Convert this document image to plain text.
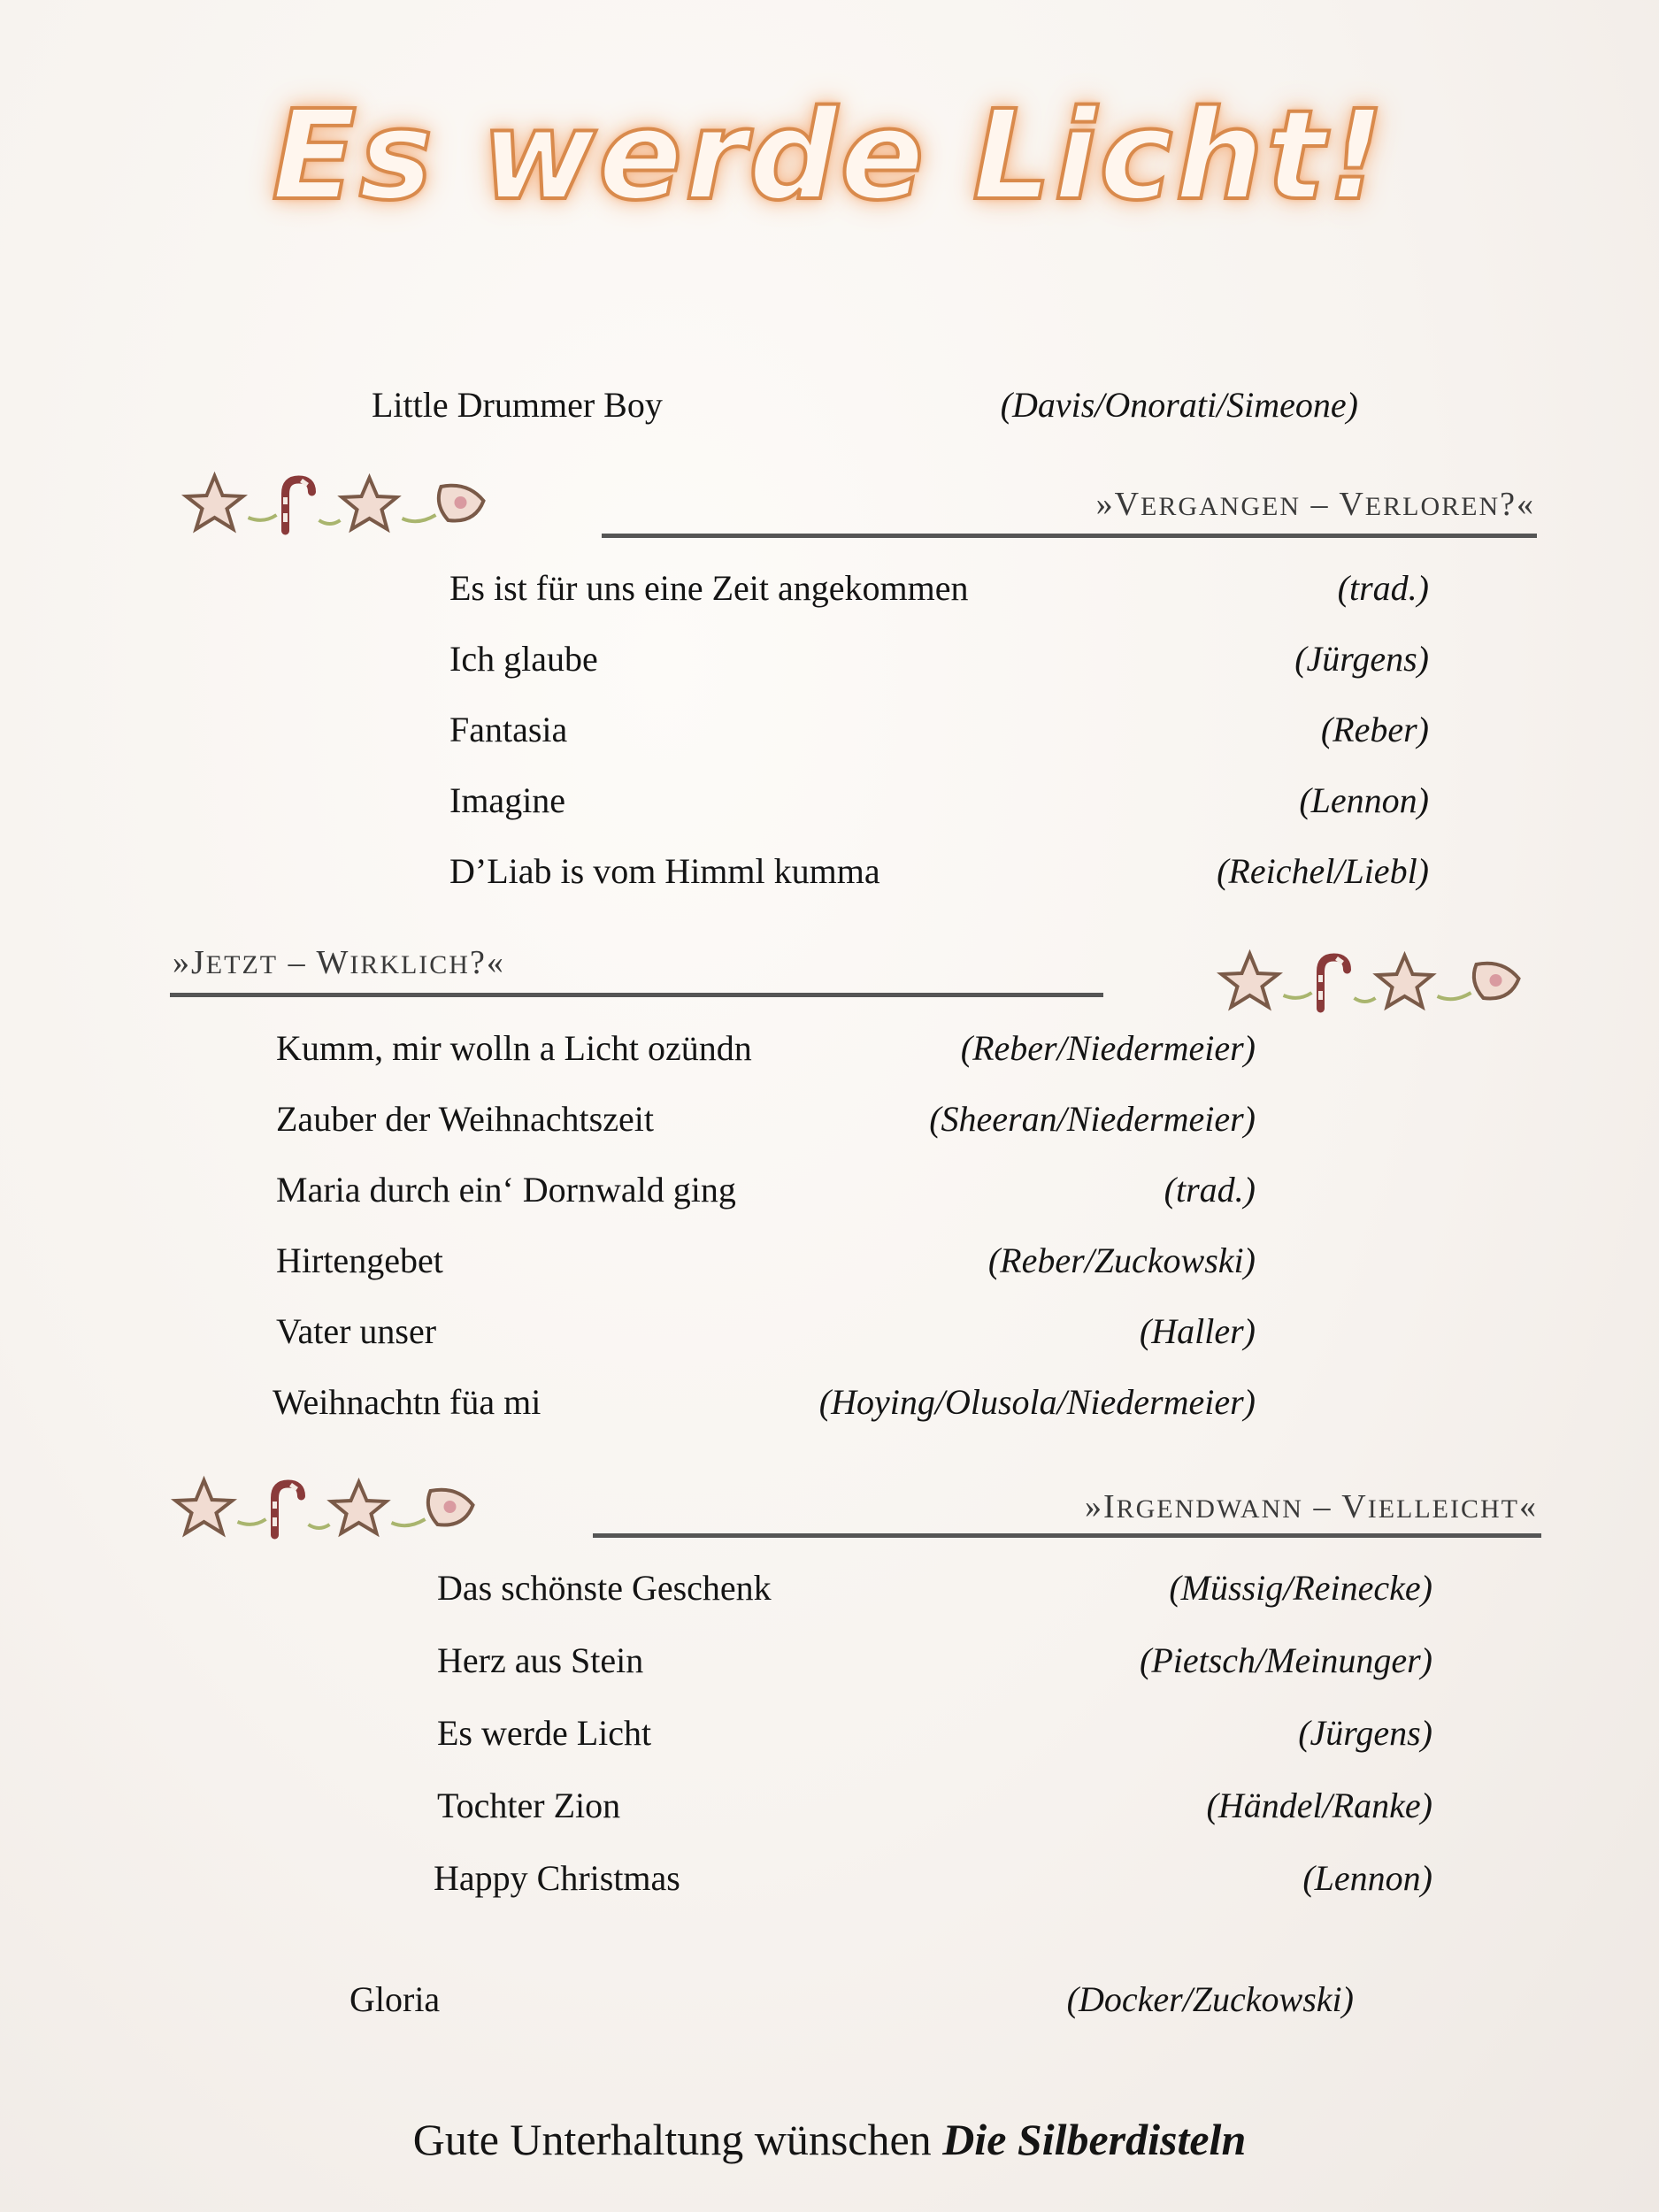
Es werde Licht!
Little Drummer Boy	(Davis/Onorati/Simeone)
»VERGANGEN – VERLOREN?«
Es ist für uns eine Zeit angekommen	(trad.)
Ich glaube	(Jürgens)
Fantasia	(Reber)
Imagine	(Lennon)
D’Liab is vom Himml kumma	(Reichel/Liebl)
»JETZT – WIRKLICH?«
Kumm, mir wolln a Licht ozündn	(Reber/Niedermeier)
Zauber der Weihnachtszeit	(Sheeran/Niedermeier)
Maria durch ein‘ Dornwald ging	(trad.)
Hirtengebet	(Reber/Zuckowski)
Vater unser	(Haller)
Weihnachtn füa mi	(Hoying/Olusola/Niedermeier)
»IRGENDWANN – VIELLEICHT«
Das schönste Geschenk	(Müssig/Reinecke)
Herz aus Stein	(Pietsch/Meinunger)
Es werde Licht	(Jürgens)
Tochter Zion	(Händel/Ranke)
Happy Christmas	(Lennon)
Gloria	(Docker/Zuckowski)
Gute Unterhaltung wünschen Die Silberdisteln
